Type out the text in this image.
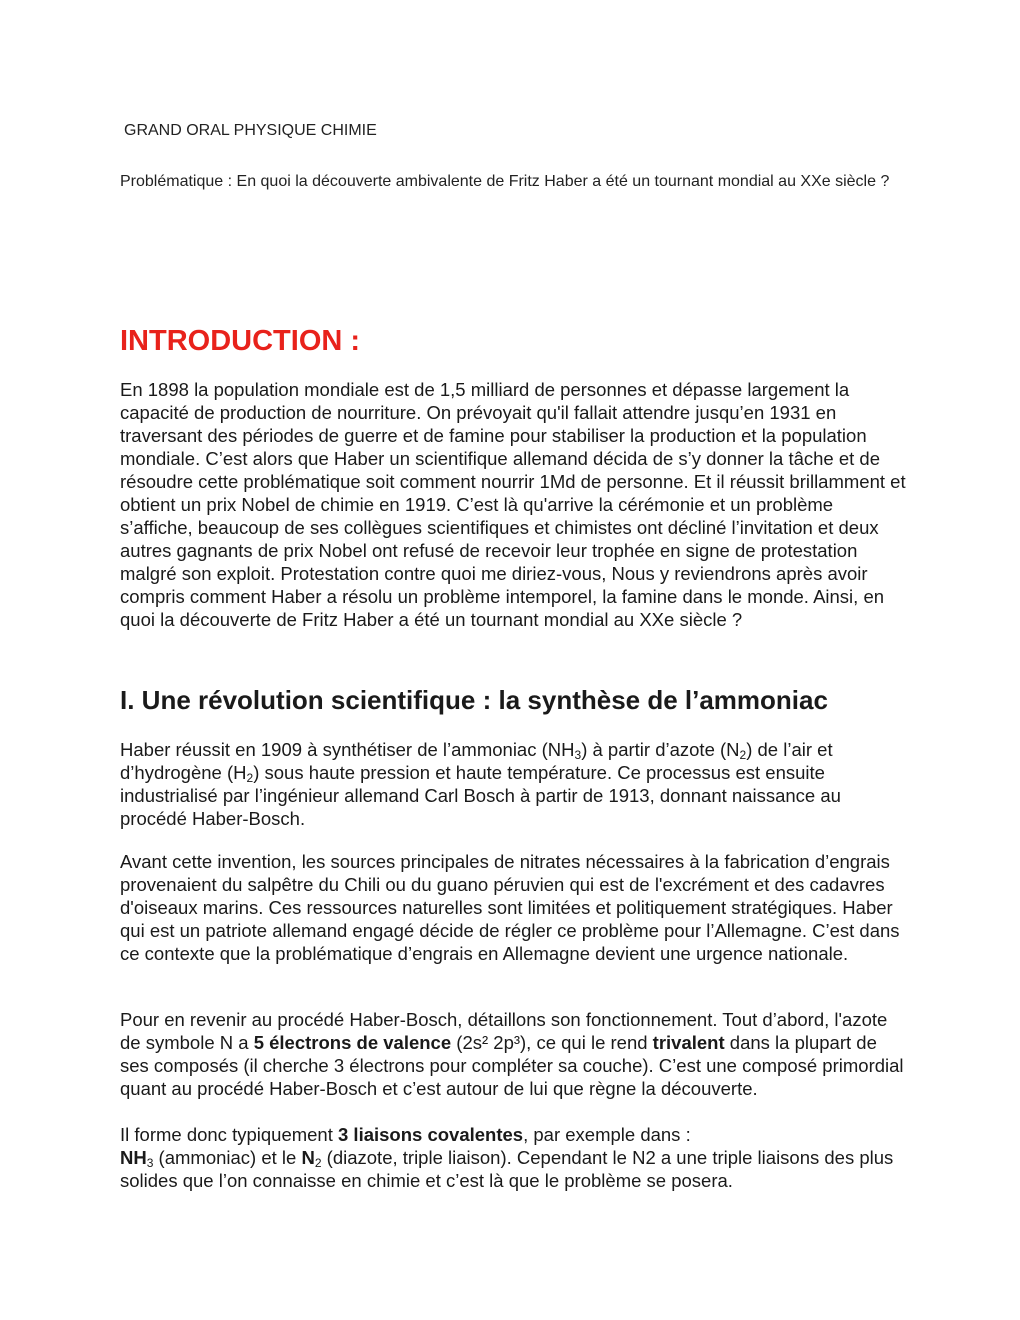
GRAND ORAL PHYSIQUE CHIMIE

Problématique : En quoi la découverte ambivalente de Fritz Haber a été un tournant mondial au XXe siècle ?

INTRODUCTION :

En 1898 la population mondiale est de 1,5 milliard de personnes et dépasse largement la capacité de production de nourriture. On prévoyait qu'il fallait attendre jusqu’en 1931 en traversant des périodes de guerre et de famine pour stabiliser la production et la population mondiale. C’est alors que Haber un scientifique allemand décida de s’y donner la tâche et de résoudre cette problématique soit comment nourrir 1Md de personne. Et il réussit brillamment et obtient un prix Nobel de chimie en 1919. C’est là qu'arrive la cérémonie et un problème s’affiche, beaucoup de ses collègues scientifiques et chimistes ont décliné l’invitation et deux autres gagnants de prix Nobel ont refusé de recevoir leur trophée en signe de protestation malgré son exploit. Protestation contre quoi me diriez-vous, Nous y reviendrons après avoir compris comment Haber a résolu un problème intemporel, la famine dans le monde. Ainsi, en quoi la découverte de Fritz Haber a été un tournant mondial au XXe siècle ?

I. Une révolution scientifique : la synthèse de l’ammoniac

Haber réussit en 1909 à synthétiser de l’ammoniac $(NH_3)$ à partir d’azote $(N_2)$ de l’air et d’hydrogène $(H_2)$ sous haute pression et haute température. Ce processus est ensuite industrialisé par l’ingénieur allemand Carl Bosch à partir de 1913, donnant naissance au procédé Haber-Bosch.

Avant cette invention, les sources principales de nitrates nécessaires à la fabrication d’engrais provenaient du salpêtre du Chili ou du guano péruvien qui est de l'excrément et des cadavres d'oiseaux marins. Ces ressources naturelles sont limitées et politiquement stratégiques. Haber qui est un patriote allemand engagé décide de régler ce problème pour l’Allemagne. C’est dans ce contexte que la problématique d’engrais en Allemagne devient une urgence nationale.

Pour en revenir au procédé Haber-Bosch, détaillons son fonctionnement. Tout d’abord, l'azote de symbole N a 5 électrons de valence (2s² 2p³), ce qui le rend trivalent dans la plupart de ses composés (il cherche 3 électrons pour compléter sa couche). C’est une composé primordial quant au procédé Haber-Bosch et c’est autour de lui que règne la découverte.

Il forme donc typiquement 3 liaisons covalentes, par exemple dans :
$NH_3$ (ammoniac) et le $N_2$ (diazote, triple liaison). Cependant le N2 a une triple liaisons des plus solides que l’on connaisse en chimie et c’est là que le problème se posera.
